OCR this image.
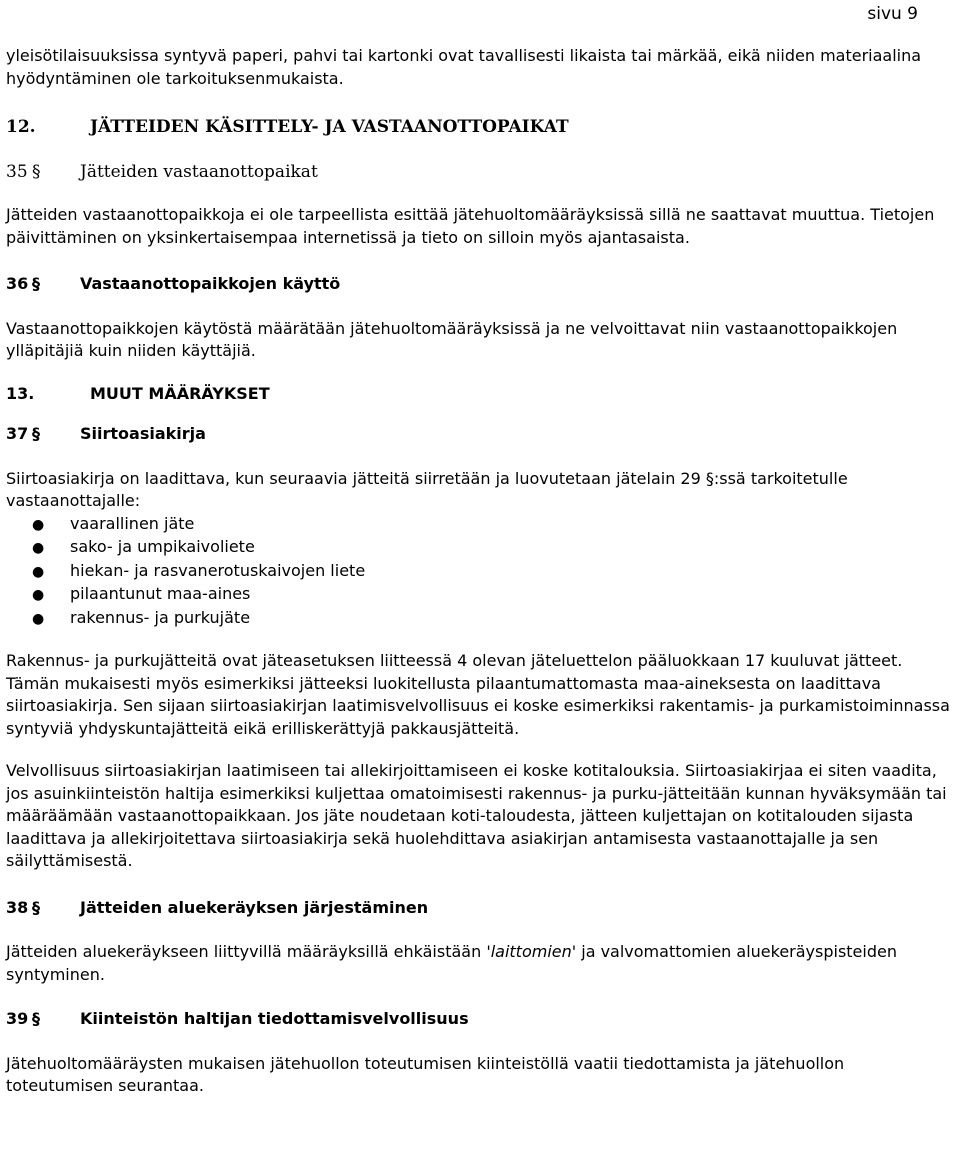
sivu 9

yleisötilaisuuksissa syntyvä paperi, pahvi tai kartonki ovat tavallisesti likaista tai märkää, eikä niiden materiaalina hyödyntäminen ole tarkoituksenmukaista.

12.	JÄTTEIDEN KÄSITTELY- JA VASTAANOTTOPAIKAT
35 §	Jätteiden vastaanottopaikat

Jätteiden vastaanottopaikkoja ei ole tarpeellista esittää jätehuoltomääräyksissä sillä ne saattavat muuttua. Tietojen päivittäminen on yksinkertaisempaa internetissä ja tieto on silloin myös ajantasaista.

36 §	Vastaanottopaikkojen käyttö

Vastaanottopaikkojen käytöstä määrätään jätehuoltomääräyksissä ja ne velvoittavat niin vastaanottopaikkojen ylläpitäjiä kuin niiden käyttäjiä.

13.	MUUT MÄÄRÄYKSET
37 §	Siirtoasiakirja

Siirtoasiakirja on laadittava, kun seuraavia jätteitä siirretään ja luovutetaan jätelain 29 §:ssä tarkoitetulle vastaanottajalle:

●	vaarallinen jäte
●	sako- ja umpikaivoliete
●	hiekan- ja rasvanerotuskaivojen liete
●	pilaantunut maa-aines
●	rakennus- ja purkujäte

Rakennus- ja purkujätteitä ovat jäteasetuksen liitteessä 4 olevan jäteluettelon pääluokkaan 17 kuuluvat jätteet. Tämän mukaisesti myös esimerkiksi jätteeksi luokitellusta pilaantumattomasta maa-aineksesta on laadittava siirtoasiakirja. Sen sijaan siirtoasiakirjan laatimisvelvollisuus ei koske esimerkiksi rakentamis- ja purkamistoiminnassa syntyviä yhdyskuntajätteitä eikä erilliskerättyjä pakkausjätteitä.

Velvollisuus siirtoasiakirjan laatimiseen tai allekirjoittamiseen ei koske kotitalouksia. Siirtoasiakirjaa ei siten vaadita, jos asuinkiinteistön haltija esimerkiksi kuljettaa omatoimisesti rakennus- ja purku-jätteitään kunnan hyväksymään tai määräämään vastaanottopaikkaan. Jos jäte noudetaan koti-taloudesta, jätteen kuljettajan on kotitalouden sijasta laadittava ja allekirjoitettava siirtoasiakirja sekä huolehdittava asiakirjan antamisesta vastaanottajalle ja sen säilyttämisestä.

38 §	Jätteiden aluekeräyksen järjestäminen

Jätteiden aluekeräykseen liittyvillä määräyksillä ehkäistään 'laittomien' ja valvomattomien aluekeräyspisteiden syntyminen.

39 §	Kiinteistön haltijan tiedottamisvelvollisuus

Jätehuoltomääräysten mukaisen jätehuollon toteutumisen kiinteistöllä vaatii tiedottamista ja jätehuollon toteutumisen seurantaa.
